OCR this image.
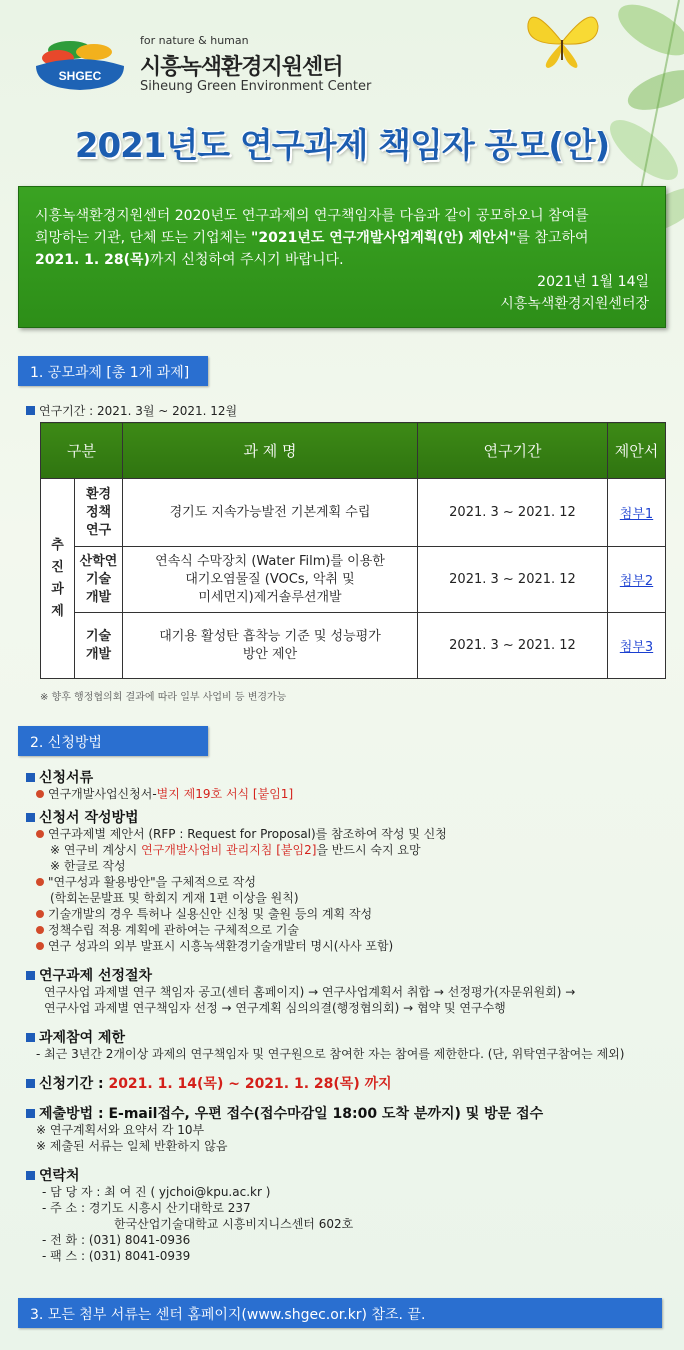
SHGEC
for nature & human
시흥녹색환경지원센터
Siheung Green Environment Center
2021년도 연구과제 책임자 공모(안)
시흥녹색환경지원센터 2020년도 연구과제의 연구책임자를 다음과 같이 공모하오니 참여를
희망하는 기관, 단체 또는 기업체는 "2021년도 연구개발사업계획(안) 제안서"를 참고하여
2021. 1. 28(목)까지 신청하여 주시기 바랍니다.
2021년 1월 14일
시흥녹색환경지원센터장
1. 공모과제 [총 1개 과제]
연구기간 : 2021. 3월 ~ 2021. 12월
구분		과 제 명	연구기간	제안서
추
진
과
제	환경
정책
연구	경기도 지속가능발전 기본계획 수립	2021. 3 ~ 2021. 12	첨부1
	산학연
기술
개발	연속식 수막장치 (Water Film)를 이용한
대기오염물질 (VOCs, 악취 및
미세먼지)제거솔루션개발	2021. 3 ~ 2021. 12	첨부2
	기술
개발	대기용 활성탄 흡착능 기준 및 성능평가
방안 제안	2021. 3 ~ 2021. 12	첨부3
※ 향후 행정협의회 결과에 따라 일부 사업비 등 변경가능
2. 신청방법
신청서류
연구개발사업신청서-별지 제19호 서식 [붙임1]
신청서 작성방법
연구과제별 제안서 (RFP : Request for Proposal)를 참조하여 작성 및 신청
※ 연구비 계상시 연구개발사업비 관리지침 [붙임2]을 반드시 숙지 요망
※ 한글로 작성
"연구성과 활용방안"을 구체적으로 작성
(학회논문발표 및 학회지 게재 1편 이상을 원칙)
기술개발의 경우 특허나 실용신안 신청 및 출원 등의 계획 작성
정책수립 적용 계획에 관하여는 구체적으로 기술
연구 성과의 외부 발표시 시흥녹색환경기술개발터 명시(사사 포함)
연구과제 선정절차
연구사업 과제별 연구 책임자 공고(센터 홈페이지) → 연구사업계획서 취합 → 선정평가(자문위원회) →
연구사업 과제별 연구책임자 선정 → 연구계획 심의의결(행정협의회) → 협약 및 연구수행
과제참여 제한
- 최근 3년간 2개이상 과제의 연구책임자 및 연구원으로 참여한 자는 참여를 제한한다. (단, 위탁연구참여는 제외)
신청기간 : 2021. 1. 14(목) ~ 2021. 1. 28(목) 까지
제출방법 : E-mail접수, 우편 접수(접수마감일 18:00 도착 분까지) 및 방문 접수
※ 연구계획서와 요약서 각 10부
※ 제출된 서류는 일체 반환하지 않음
연락처
- 담 당 자 : 최 여 진 ( yjchoi@kpu.ac.kr )
- 주 소 : 경기도 시흥시 산기대학로 237
한국산업기술대학교 시흥비지니스센터 602호
- 전 화 : (031) 8041-0936
- 팩 스 : (031) 8041-0939
3. 모든 첨부 서류는 센터 홈페이지(www.shgec.or.kr) 참조. 끝.
